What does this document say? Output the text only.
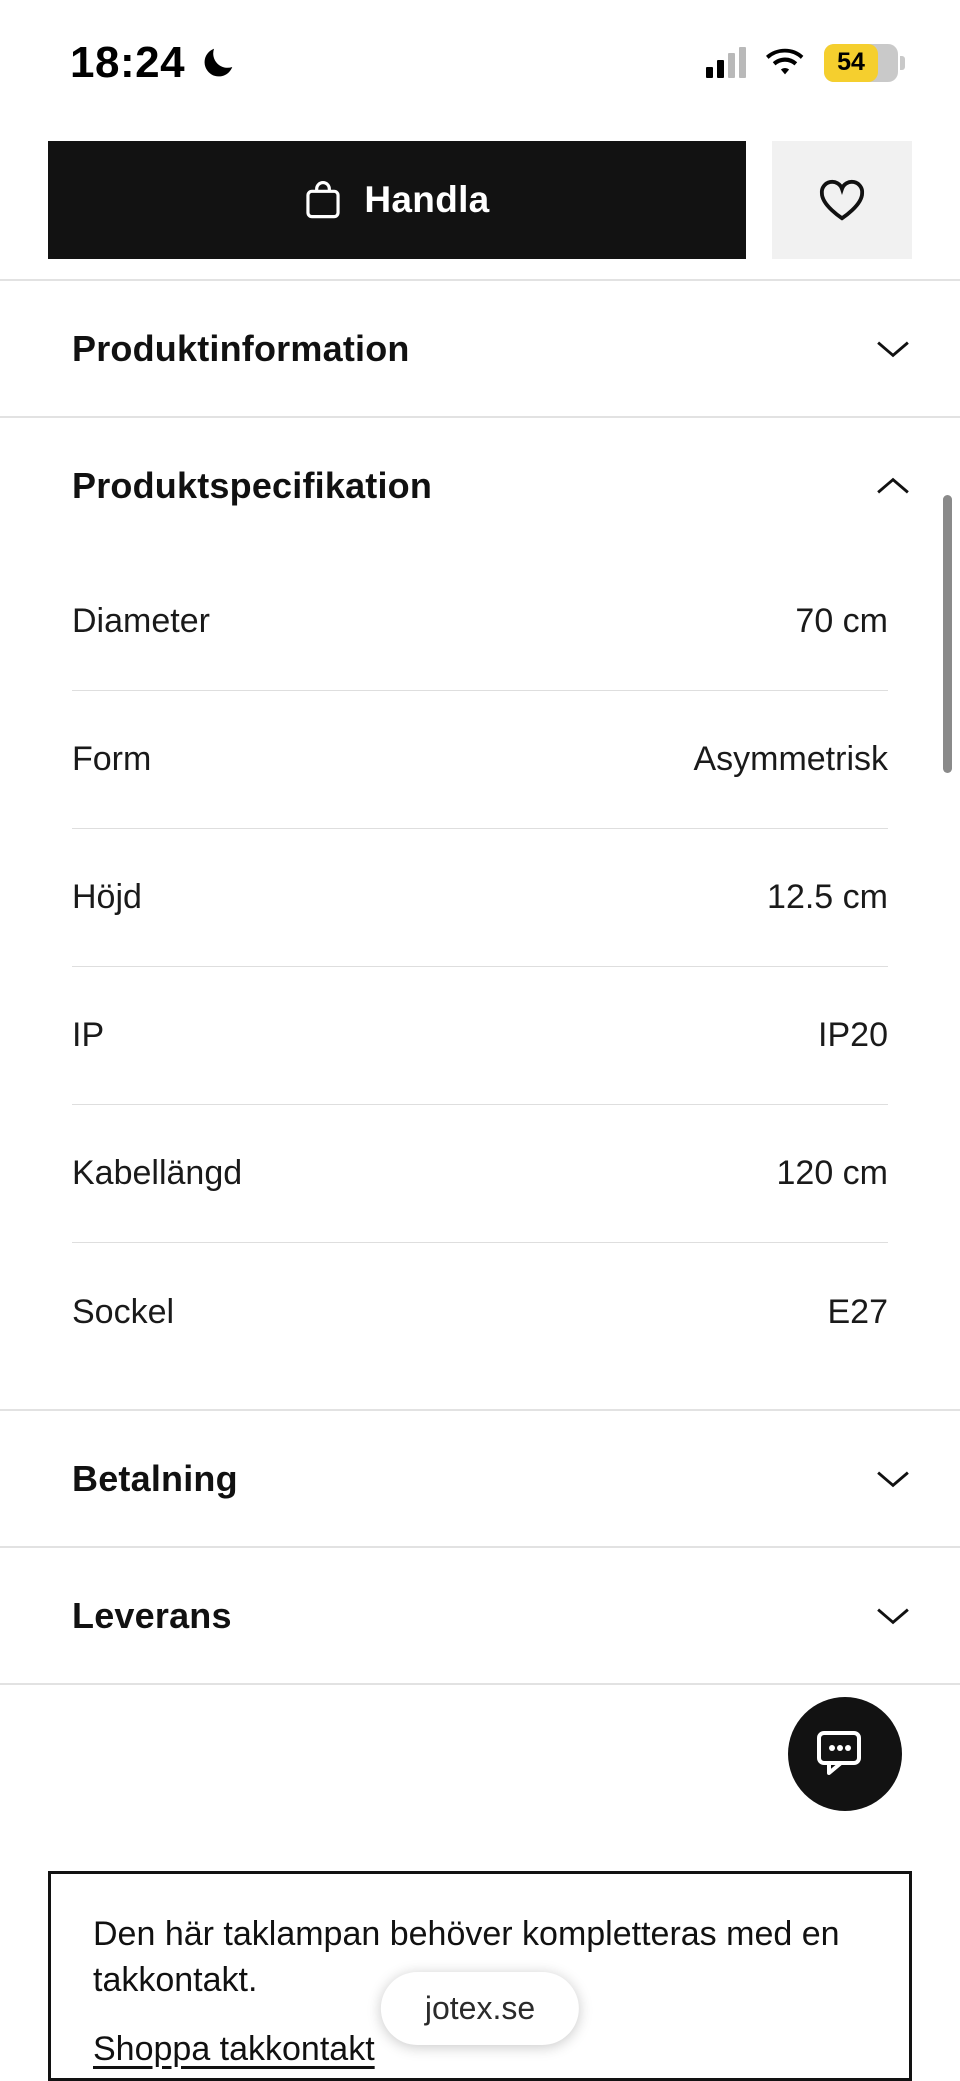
18:24	54
Handla
Produktinformation
Produktspecifikation
Diameter	70 cm
Form	Asymmetrisk
Höjd	12.5 cm
IP	IP20
Kabellängd	120 cm
Sockel	E27
Betalning
Leverans
Den här taklampan behöver kompletteras med en takkontakt.
Shoppa takkontakt
jotex.se
